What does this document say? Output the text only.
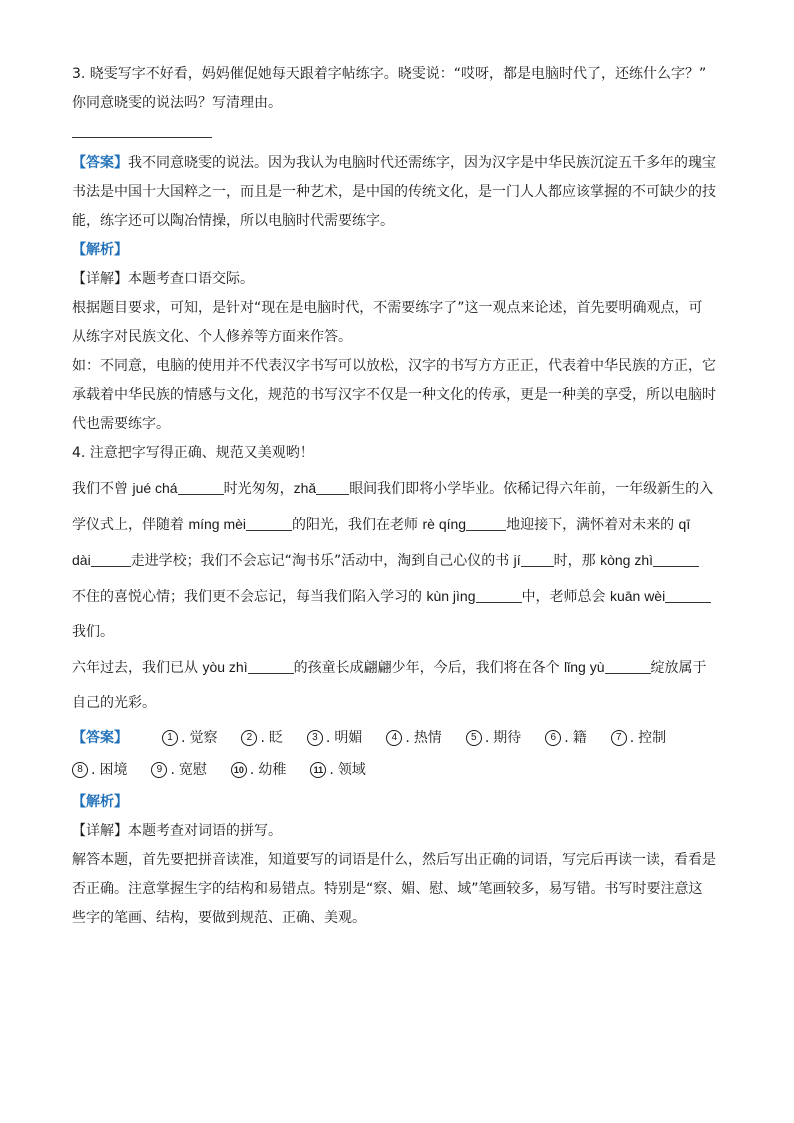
3. 晓雯写字不好看，妈妈催促她每天跟着字帖练字。晓雯说：“哎呀，都是电脑时代了，还练什么字？”

你同意晓雯的说法吗？写清理由。

【答案】我不同意晓雯的说法。因为我认为电脑时代还需练字，因为汉字是中华民族沉淀五千多年的瑰宝

书法是中国十大国粹之一，而且是一种艺术，是中国的传统文化，是一门人人都应该掌握的不可缺少的技

能，练字还可以陶冶情操，所以电脑时代需要练字。

【解析】

【详解】本题考查口语交际。

根据题目要求，可知，是针对“现在是电脑时代，不需要练字了”这一观点来论述，首先要明确观点，可

从练字对民族文化、个人修养等方面来作答。

如：不同意，电脑的使用并不代表汉字书写可以放松，汉字的书写方方正正，代表着中华民族的方正，它

承载着中华民族的情感与文化，规范的书写汉字不仅是一种文化的传承，更是一种美的享受，所以电脑时

代也需要练字。

4. 注意把字写得正确、规范又美观哟！

我们不曾 jué chá	时光匆匆，zhǎ 眼间我们即将小学毕业。依稀记得六年前，一年级新生的入

学仪式上，伴随着 míng mèi	的阳光，我们在老师 rè qíng	地迎接下，满怀着对未来的 qī

dài	走进学校；我们不会忘记“淘书乐”活动中，淘到自己心仪的书 jí 时，那 kòng zhì

不住的喜悦心情；我们更不会忘记，每当我们陷入学习的 kùn jìng	中，老师总会 kuān wèi

我们。

六年过去，我们已从 yòu zhì	的孩童长成翩翩少年，今后，我们将在各个 lǐng yù	绽放属于

自己的光彩。

【答案】	1 . 觉察	2 . 眨	3 . 明媚	4 . 热情	5 . 期待	6 . 籍	7 . 控制
8 . 困境	9 . 宽慰	10 . 幼稚	11 . 领域

【解析】

【详解】本题考查对词语的拼写。

解答本题，首先要把拼音读准，知道要写的词语是什么，然后写出正确的词语，写完后再读一读，看看是

否正确。注意掌握生字的结构和易错点。特别是“察、媚、慰、域”笔画较多，易写错。书写时要注意这

些字的笔画、结构，要做到规范、正确、美观。
